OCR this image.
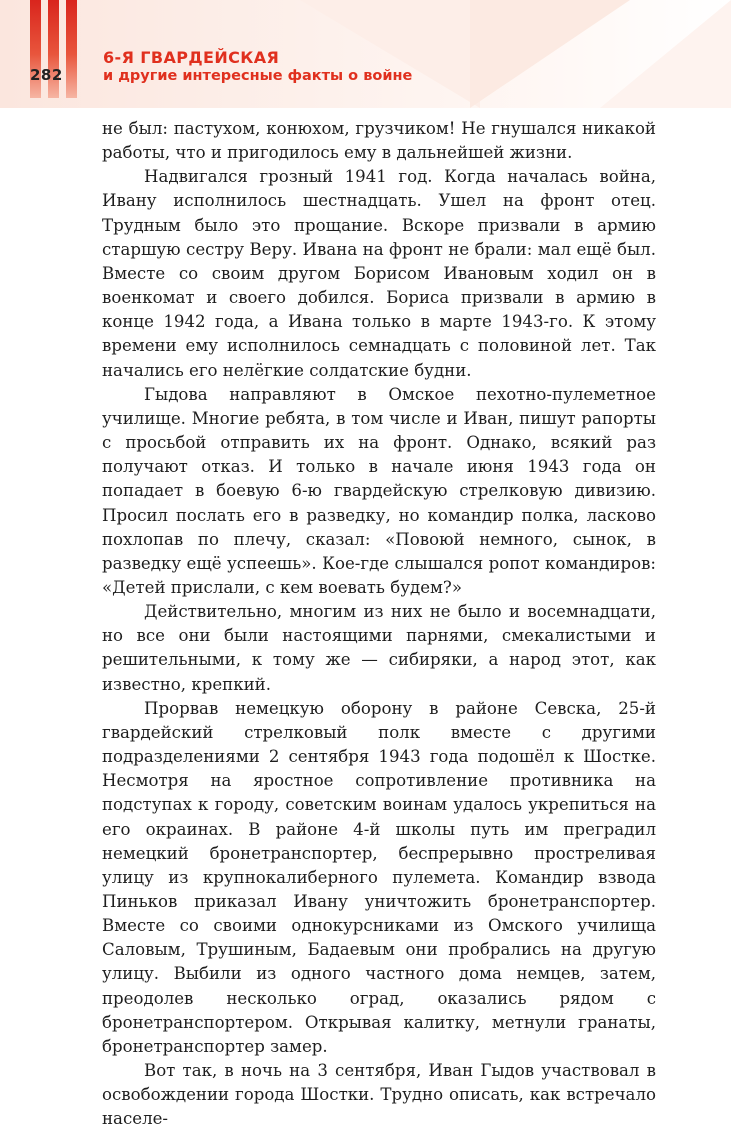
282
6-Я ГВАРДЕЙСКАЯ
и другие интересные факты о войне

не был: пастухом, конюхом, грузчиком! Не гнушался никакой работы, что и пригодилось ему в дальнейшей жизни.

Надвигался грозный 1941 год. Когда началась война, Ивану исполнилось шестнадцать. Ушел на фронт отец. Трудным было это прощание. Вскоре призвали в армию старшую сестру Веру. Ивана на фронт не брали: мал ещё был. Вместе со своим другом Борисом Ивановым ходил он в военкомат и своего добился. Бориса призвали в армию в конце 1942 года, а Ивана только в марте 1943-го. К этому времени ему исполнилось семнадцать с половиной лет. Так начались его нелёгкие солдатские будни.

Гыдова направляют в Омское пехотно-пулеметное училище. Многие ребята, в том числе и Иван, пишут рапорты с просьбой отправить их на фронт. Однако, всякий раз получают отказ. И только в начале июня 1943 года он попадает в боевую 6-ю гвардейскую стрелковую дивизию. Просил послать его в разведку, но командир полка, ласково похлопав по плечу, сказал: «Повоюй немного, сынок, в разведку ещё успеешь». Кое-где слышался ропот командиров: «Детей прислали, с кем воевать будем?»

Действительно, многим из них не было и восемнадцати, но все они были настоящими парнями, смекалистыми и решительными, к тому же — сибиряки, а народ этот, как известно, крепкий.

Прорвав немецкую оборону в районе Севска, 25-й гвардейский стрелковый полк вместе с другими подразделениями 2 сентября 1943 года подошёл к Шостке. Несмотря на яростное сопротивление противника на подступах к городу, советским воинам удалось укрепиться на его окраинах. В районе 4-й школы путь им преградил немецкий бронетранспортер, беспрерывно простреливая улицу из крупнокалиберного пулемета. Командир взвода Пиньков приказал Ивану уничтожить бронетранспортер. Вместе со своими однокурсниками из Омского училища Саловым, Трушиным, Бадаевым они пробрались на другую улицу. Выбили из одного частного дома немцев, затем, преодолев несколько оград, оказались рядом с бронетранспортером. Открывая калитку, метнули гранаты, бронетранспортер замер.

Вот так, в ночь на 3 сентября, Иван Гыдов участвовал в освобождении города Шостки. Трудно описать, как встречало населе-
